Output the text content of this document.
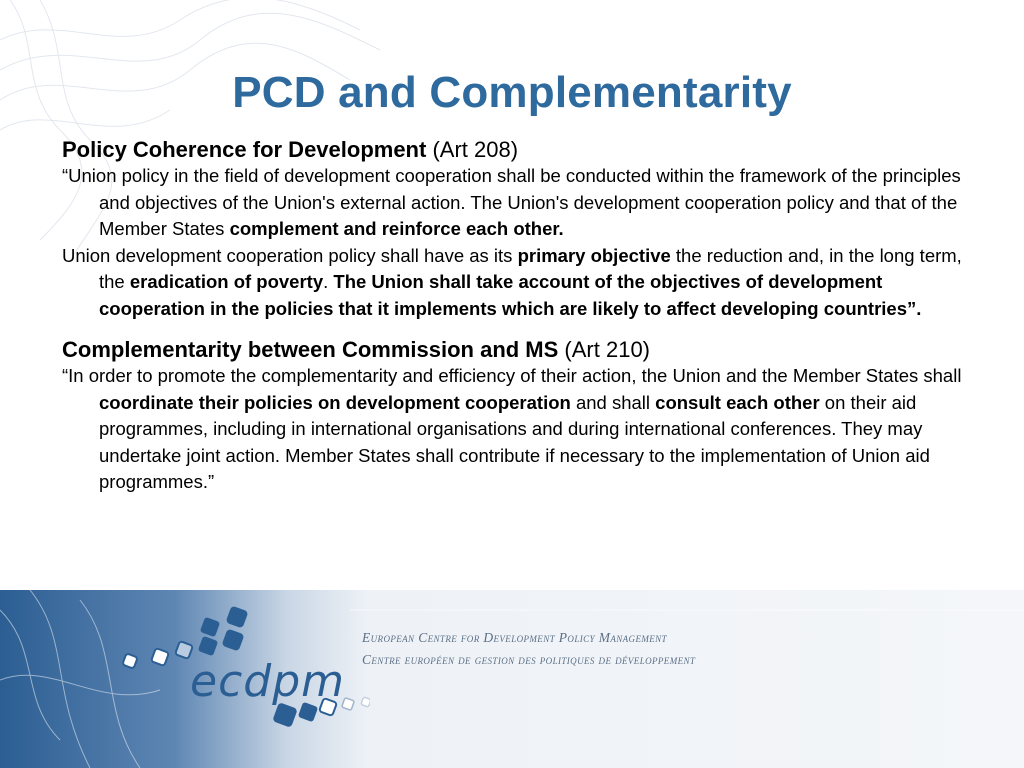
PCD and Complementarity

Policy Coherence for Development (Art 208)

“Union policy in the field of development cooperation shall be conducted within the framework of the principles and objectives of the Union's external action. The Union's development cooperation policy and that of the Member States complement and reinforce each other.

Union development cooperation policy shall have as its primary objective the reduction and, in the long term, the eradication of poverty. The Union shall take account of the objectives of development cooperation in the policies that it implements which are likely to affect developing countries”.

Complementarity between Commission and MS (Art 210)

“In order to promote the complementarity and efficiency of their action, the Union and the Member States shall coordinate their policies on development cooperation and shall consult each other on their aid programmes, including in international organisations and during international conferences. They may undertake joint action. Member States shall contribute if necessary to the implementation of Union aid programmes.”

ecdpm
European Centre for Development Policy Management
Centre européen de gestion des politiques de développement
